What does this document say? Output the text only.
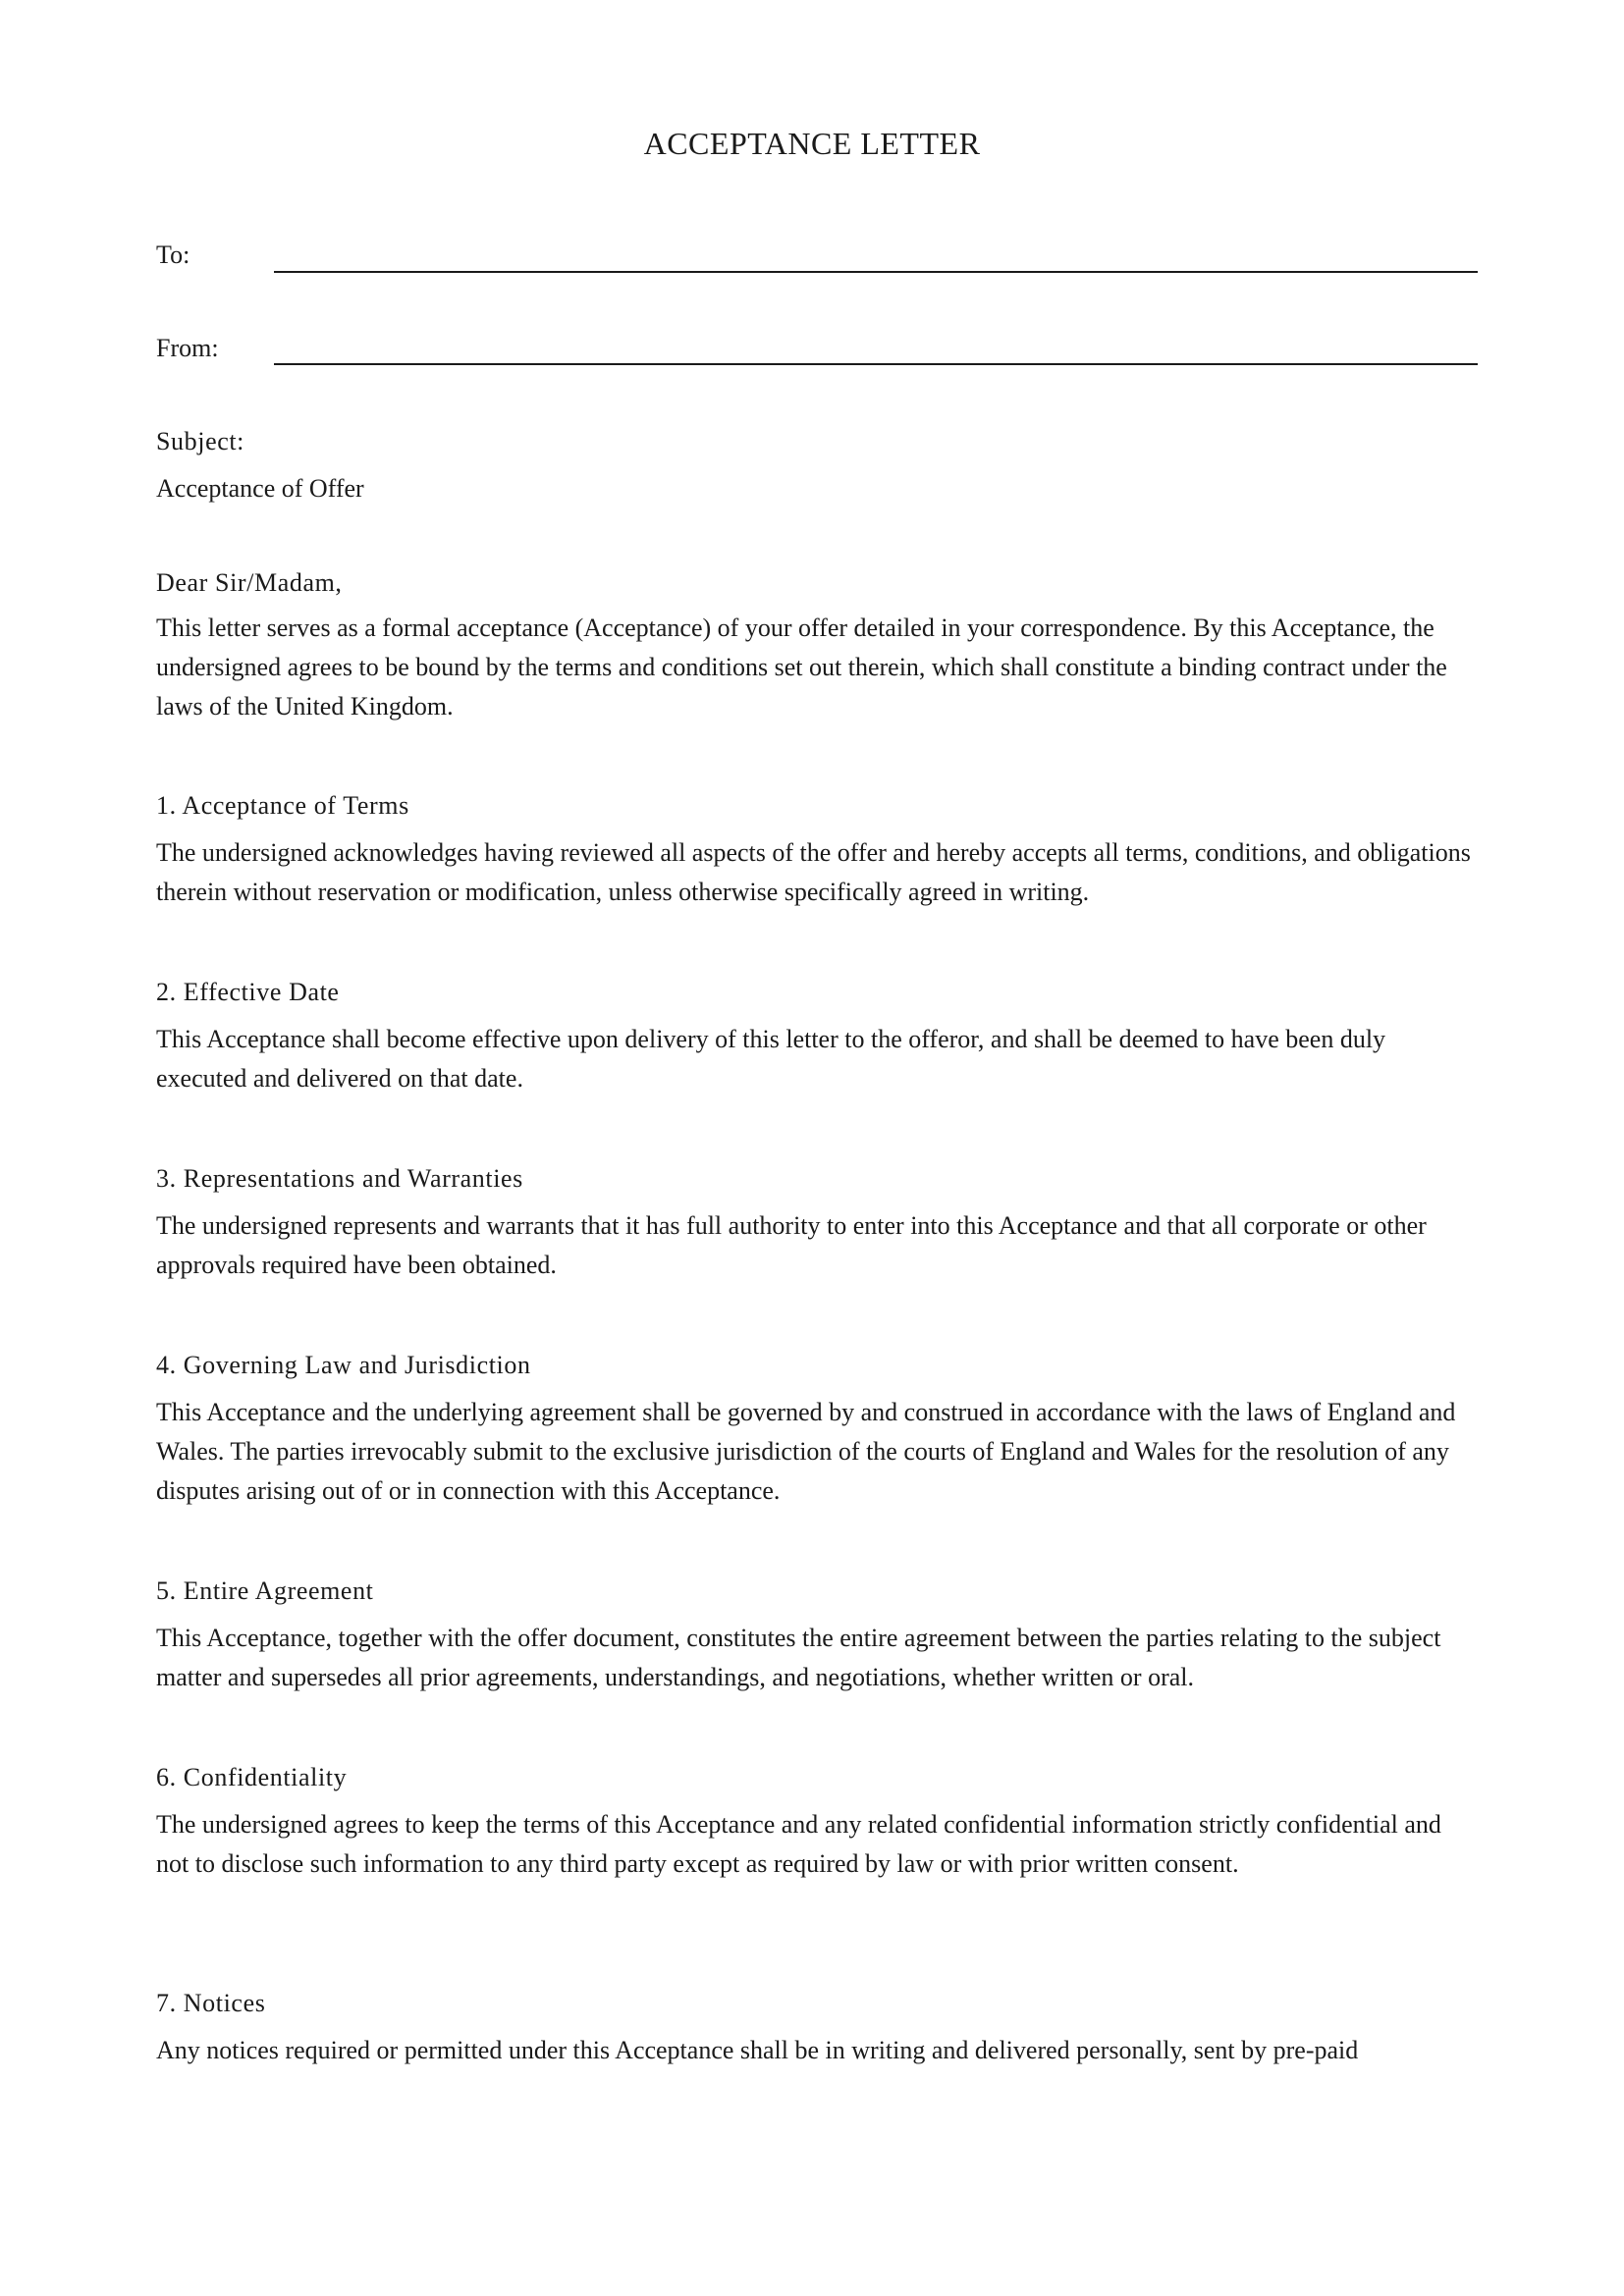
ACCEPTANCE LETTER
To:
From:
Subject:
Acceptance of Offer
Dear Sir/Madam,

This letter serves as a formal acceptance (Acceptance) of your offer detailed in your correspondence. By this Acceptance, the undersigned agrees to be bound by the terms and conditions set out therein, which shall constitute a binding contract under the laws of the United Kingdom.

1. Acceptance of Terms

The undersigned acknowledges having reviewed all aspects of the offer and hereby accepts all terms, conditions, and obligations therein without reservation or modification, unless otherwise specifically agreed in writing.

2. Effective Date

This Acceptance shall become effective upon delivery of this letter to the offeror, and shall be deemed to have been duly executed and delivered on that date.

3. Representations and Warranties

The undersigned represents and warrants that it has full authority to enter into this Acceptance and that all corporate or other approvals required have been obtained.

4. Governing Law and Jurisdiction

This Acceptance and the underlying agreement shall be governed by and construed in accordance with the laws of England and Wales. The parties irrevocably submit to the exclusive jurisdiction of the courts of England and Wales for the resolution of any disputes arising out of or in connection with this Acceptance.

5. Entire Agreement

This Acceptance, together with the offer document, constitutes the entire agreement between the parties relating to the subject matter and supersedes all prior agreements, understandings, and negotiations, whether written or oral.

6. Confidentiality

The undersigned agrees to keep the terms of this Acceptance and any related confidential information strictly confidential and not to disclose such information to any third party except as required by law or with prior written consent.

7. Notices

Any notices required or permitted under this Acceptance shall be in writing and delivered personally, sent by pre-paid
